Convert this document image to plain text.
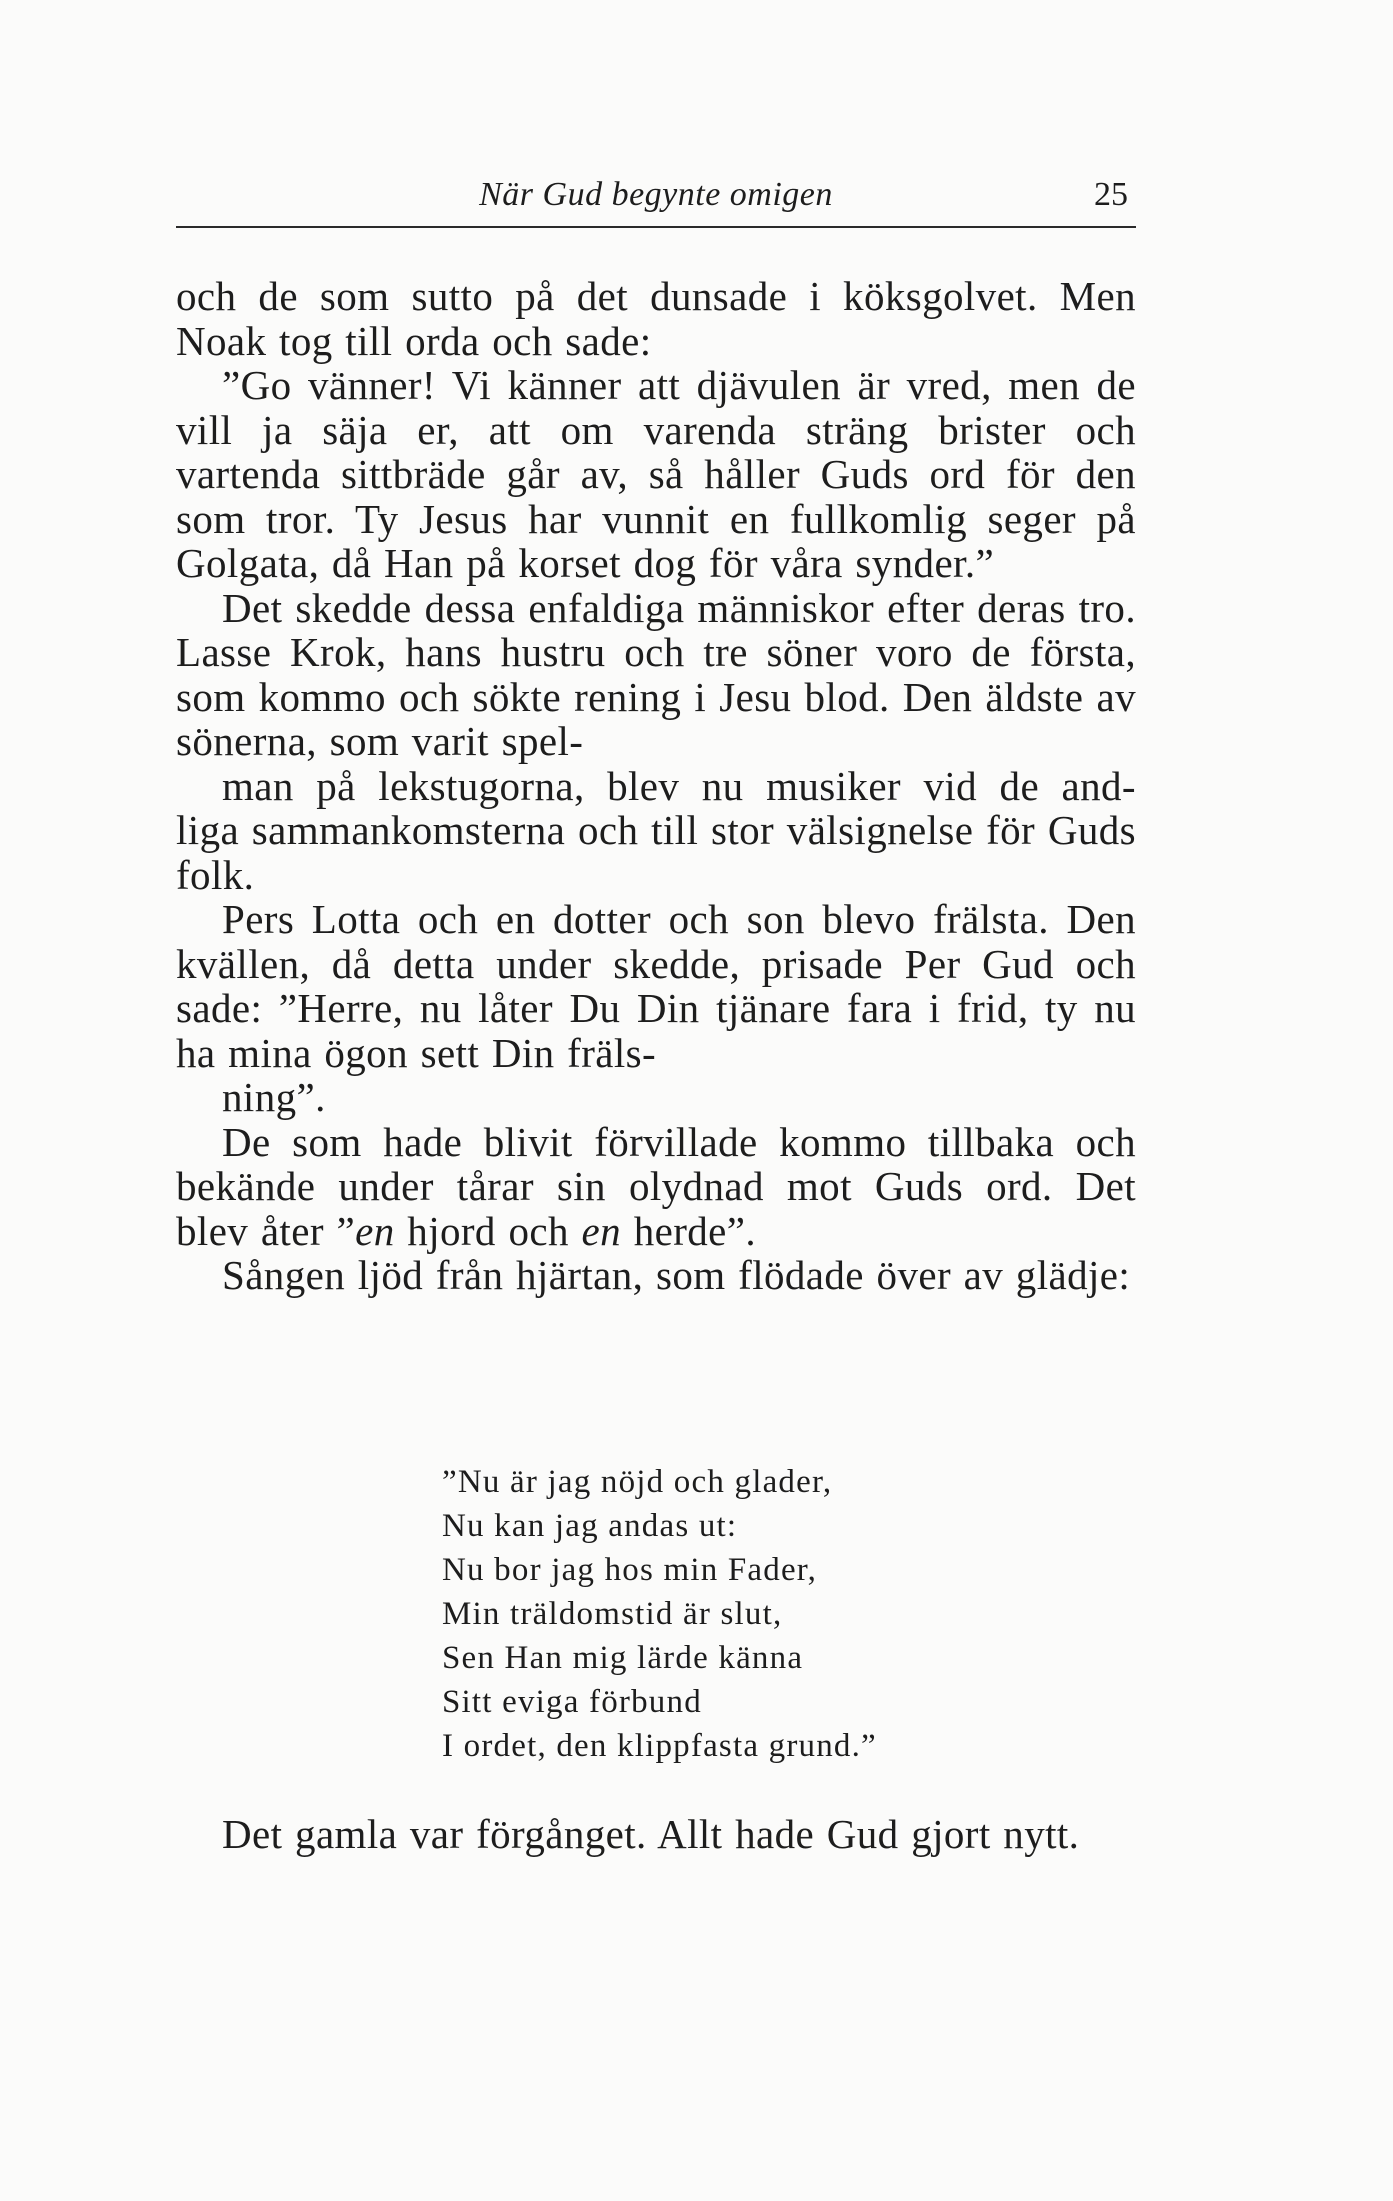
När Gud begynte omigen	25

och de som sutto på det dunsade i köksgolvet. Men Noak tog till orda och sade:

”Go vänner! Vi känner att djävulen är vred, men de vill ja säja er, att om varenda sträng brister och vartenda sittbräde går av, så håller Guds ord för den som tror. Ty Jesus har vunnit en fullkomlig seger på Golgata, då Han på korset dog för våra synder.”

Det skedde dessa enfaldiga människor efter deras tro. Lasse Krok, hans hustru och tre söner voro de första, som kommo och sökte rening i Jesu blod. Den äldste av sönerna, som varit spel-
man på lekstugorna, blev nu musiker vid de and-
liga sammankomsterna och till stor välsignelse för Guds folk.

Pers Lotta och en dotter och son blevo frälsta. Den kvällen, då detta under skedde, prisade Per Gud och sade: ”Herre, nu låter Du Din tjänare fara i frid, ty nu ha mina ögon sett Din fräls-
ning”.

De som hade blivit förvillade kommo tillbaka och bekände under tårar sin olydnad mot Guds ord. Det blev åter ”en hjord och en herde”.

Sången ljöd från hjärtan, som flödade över av glädje:

”Nu är jag nöjd och glader,
Nu kan jag andas ut:
Nu bor jag hos min Fader,
Min träldomstid är slut,
Sen Han mig lärde känna
Sitt eviga förbund
I ordet, den klippfasta grund.”

Det gamla var förgånget. Allt hade Gud gjort nytt.
